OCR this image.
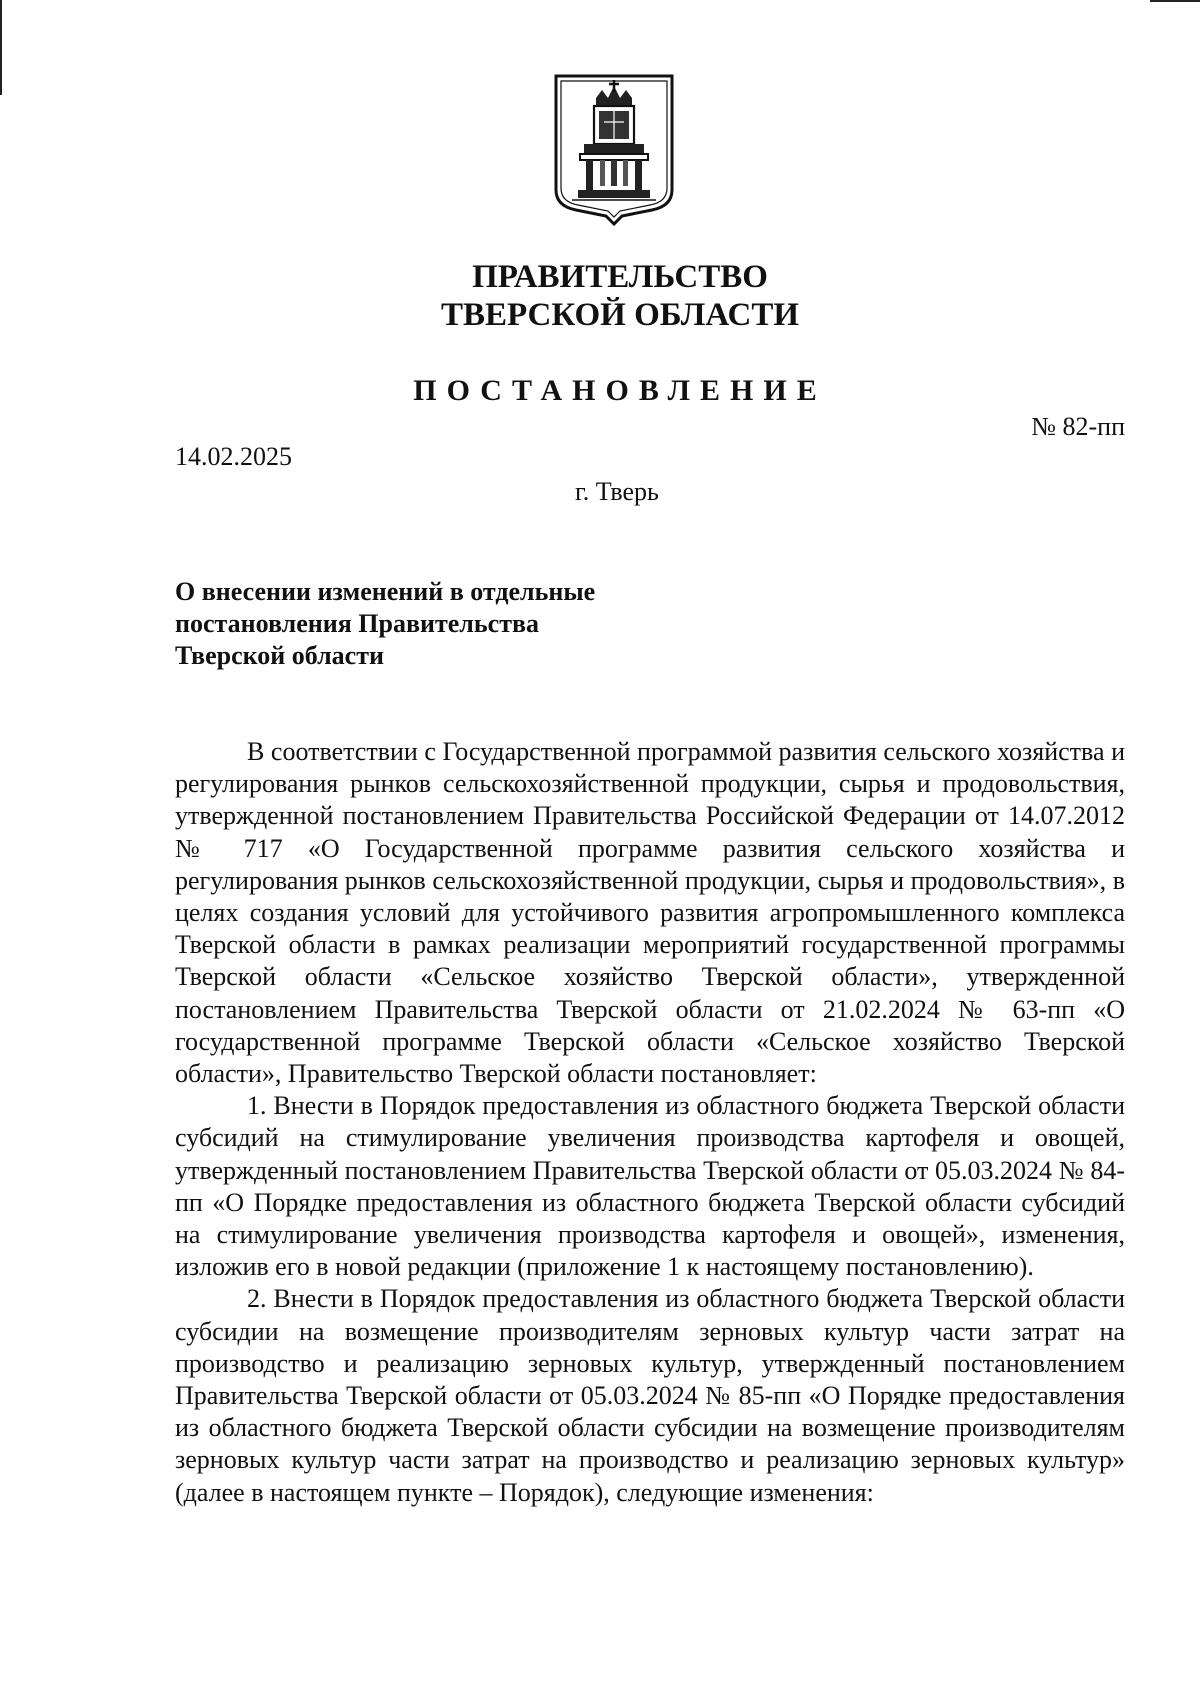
ПРАВИТЕЛЬСТВО
ТВЕРСКОЙ ОБЛАСТИ
ПОСТАНОВЛЕНИЕ
№ 82-пп
14.02.2025
г. Тверь
О внесении изменений в отдельные
постановления Правительства
Тверской области

В соответствии с Государственной программой развития сельского хозяйства и регулирования рынков сельскохозяйственной продукции, сырья и продовольствия, утвержденной постановлением Правительства Российской Федерации от 14.07.2012 № 717 «О Государственной программе развития сельского хозяйства и регулирования рынков сельскохозяйственной продукции, сырья и продовольствия», в целях создания условий для устойчивого развития агропромышленного комплекса Тверской области в рамках реализации мероприятий государственной программы Тверской области «Сельское хозяйство Тверской области», утвержденной постановлением Правительства Тверской области от 21.02.2024 № 63-пп «О государственной программе Тверской области «Сельское хозяйство Тверской области», Правительство Тверской области постановляет:

1. Внести в Порядок предоставления из областного бюджета Тверской области субсидий на стимулирование увеличения производства картофеля и овощей, утвержденный постановлением Правительства Тверской области от 05.03.2024 № 84-пп «О Порядке предоставления из областного бюджета Тверской области субсидий на стимулирование увеличения производства картофеля и овощей», изменения, изложив его в новой редакции (приложение 1 к настоящему постановлению).

2. Внести в Порядок предоставления из областного бюджета Тверской области субсидии на возмещение производителям зерновых культур части затрат на производство и реализацию зерновых культур, утвержденный постановлением Правительства Тверской области от 05.03.2024 № 85-пп «О Порядке предоставления из областного бюджета Тверской области субсидии на возмещение производителям зерновых культур части затрат на производство и реализацию зерновых культур» (далее в настоящем пункте – Порядок), следующие изменения:
